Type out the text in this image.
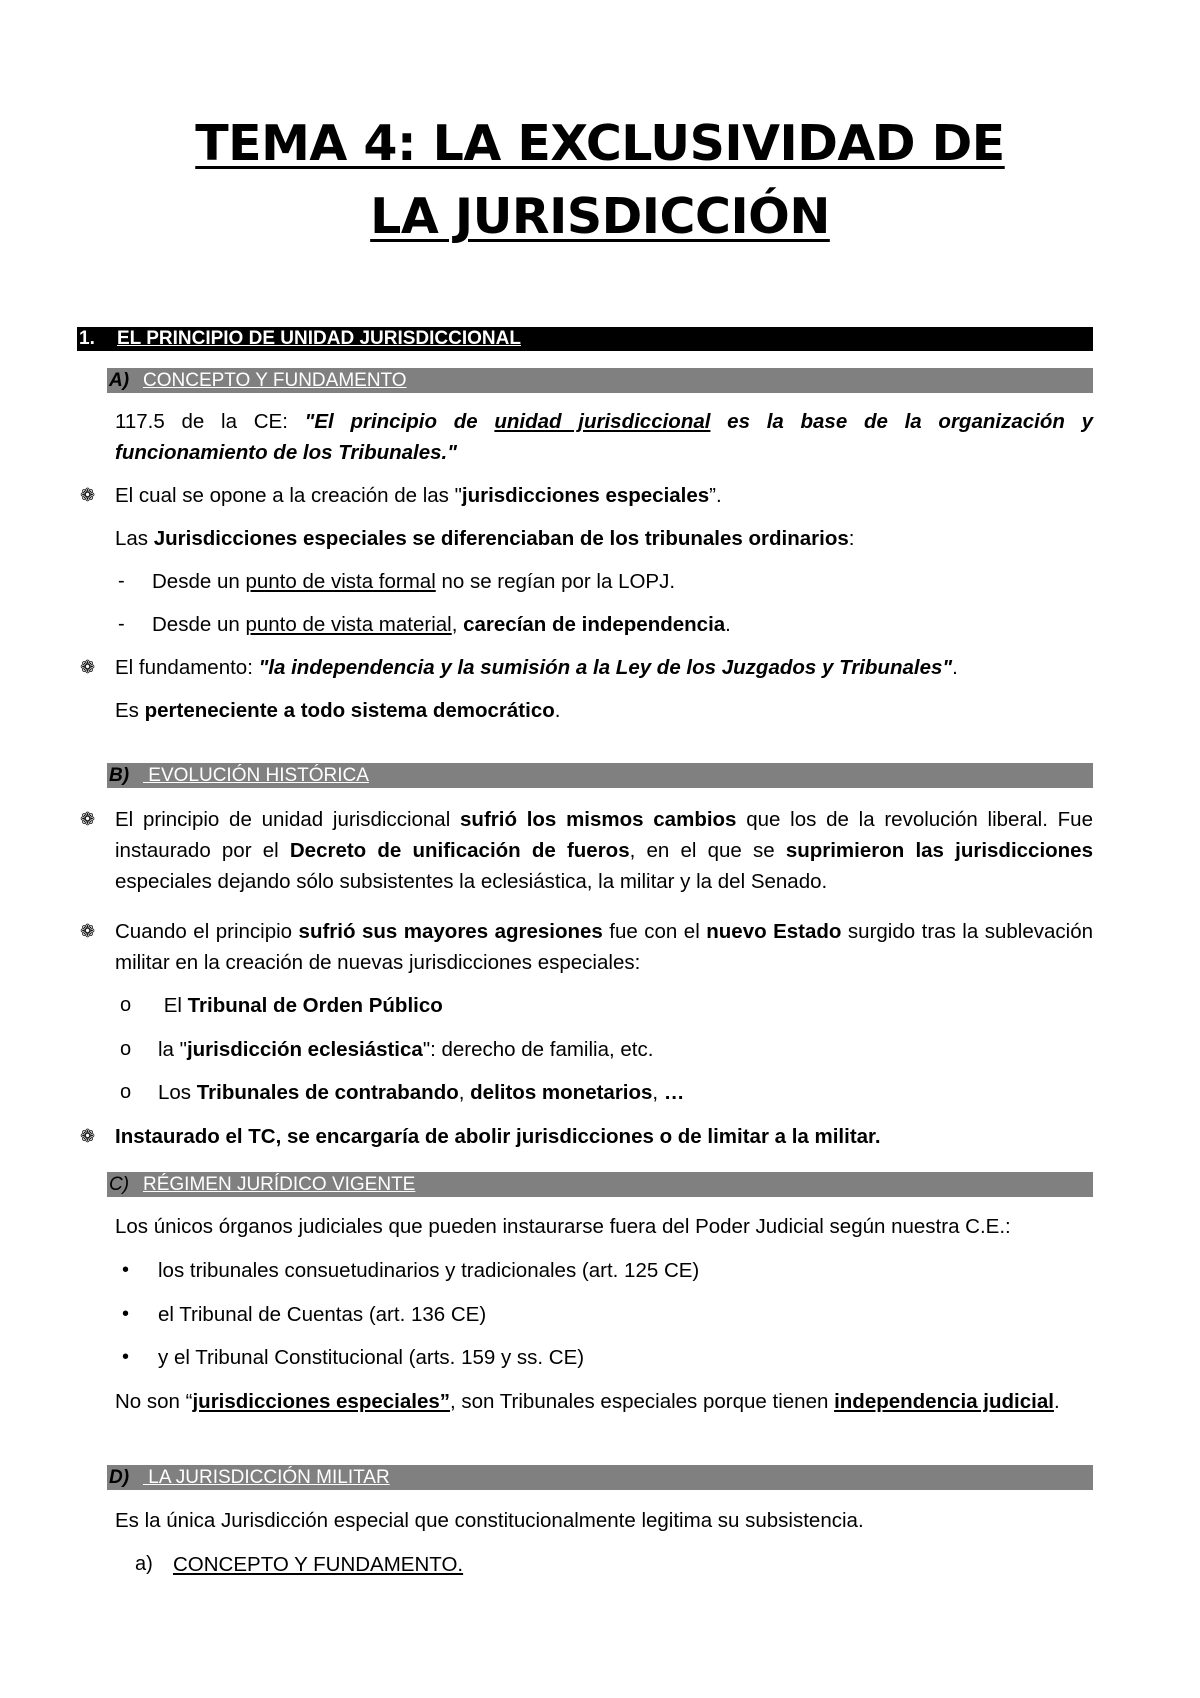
TEMA 4: LA EXCLUSIVIDAD DE
LA JURISDICCIÓN
1. EL PRINCIPIO DE UNIDAD JURISDICCIONAL
A) CONCEPTO Y FUNDAMENTO
117.5 de la CE: "El principio de unidad jurisdiccional es la base de la organización y
funcionamiento de los Tribunales."
❁ El cual se opone a la creación de las "jurisdicciones especiales”.
Las Jurisdicciones especiales se diferenciaban de los tribunales ordinarios:
- Desde un punto de vista formal no se regían por la LOPJ.
- Desde un punto de vista material, carecían de independencia.
❁ El fundamento: "la independencia y la sumisión a la Ley de los Juzgados y Tribunales".
Es perteneciente a todo sistema democrático.
B) EVOLUCIÓN HISTÓRICA
❁ El principio de unidad jurisdiccional sufrió los mismos cambios que los de la revolución liberal. Fue instaurado por el Decreto de unificación de fueros, en el que se suprimieron las jurisdicciones especiales dejando sólo subsistentes la eclesiástica, la militar y la del Senado.
❁ Cuando el principio sufrió sus mayores agresiones fue con el nuevo Estado surgido tras la sublevación militar en la creación de nuevas jurisdicciones especiales:
o El Tribunal de Orden Público
o la "jurisdicción eclesiástica": derecho de familia, etc.
o Los Tribunales de contrabando, delitos monetarios, …
❁ Instaurado el TC, se encargaría de abolir jurisdicciones o de limitar a la militar.
C) RÉGIMEN JURÍDICO VIGENTE
Los únicos órganos judiciales que pueden instaurarse fuera del Poder Judicial según nuestra C.E.:
• los tribunales consuetudinarios y tradicionales (art. 125 CE)
• el Tribunal de Cuentas (art. 136 CE)
• y el Tribunal Constitucional (arts. 159 y ss. CE)
No son “jurisdicciones especiales”, son Tribunales especiales porque tienen independencia judicial.
D) LA JURISDICCIÓN MILITAR
Es la única Jurisdicción especial que constitucionalmente legitima su subsistencia.
a) CONCEPTO Y FUNDAMENTO.
